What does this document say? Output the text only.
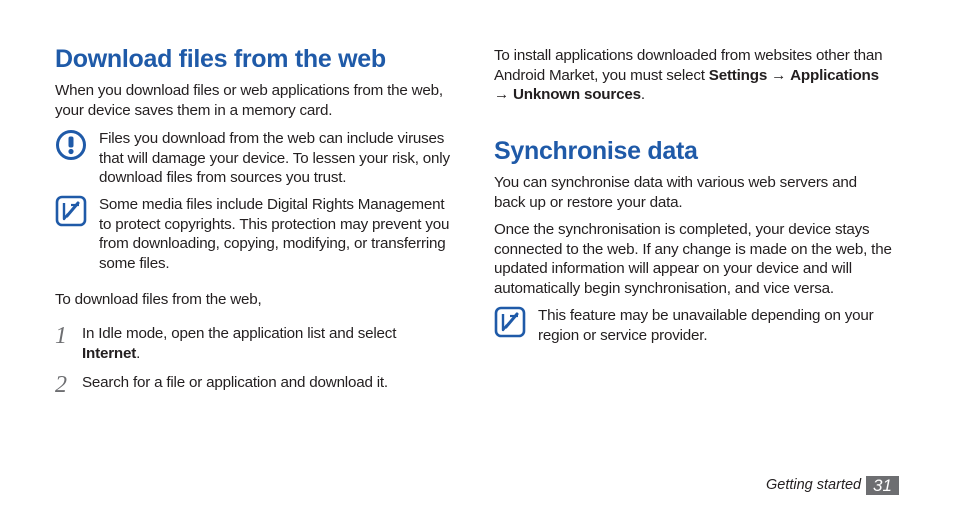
Download files from the web

When you download files or web applications from the web, your device saves them in a memory card.

Files you download from the web can include viruses that will damage your device. To lessen your risk, only download files from sources you trust.

Some media files include Digital Rights Management to protect copyrights. This protection may prevent you from downloading, copying, modifying, or transferring some files.

To download files from the web,

1 In Idle mode, open the application list and select Internet.

2 Search for a file or application and download it.

To install applications downloaded from websites other than Android Market, you must select Settings → Applications → Unknown sources.

Synchronise data

You can synchronise data with various web servers and back up or restore your data.

Once the synchronisation is completed, your device stays connected to the web. If any change is made on the web, the updated information will appear on your device and will automatically begin synchronisation, and vice versa.

This feature may be unavailable depending on your region or service provider.

Getting started 31
